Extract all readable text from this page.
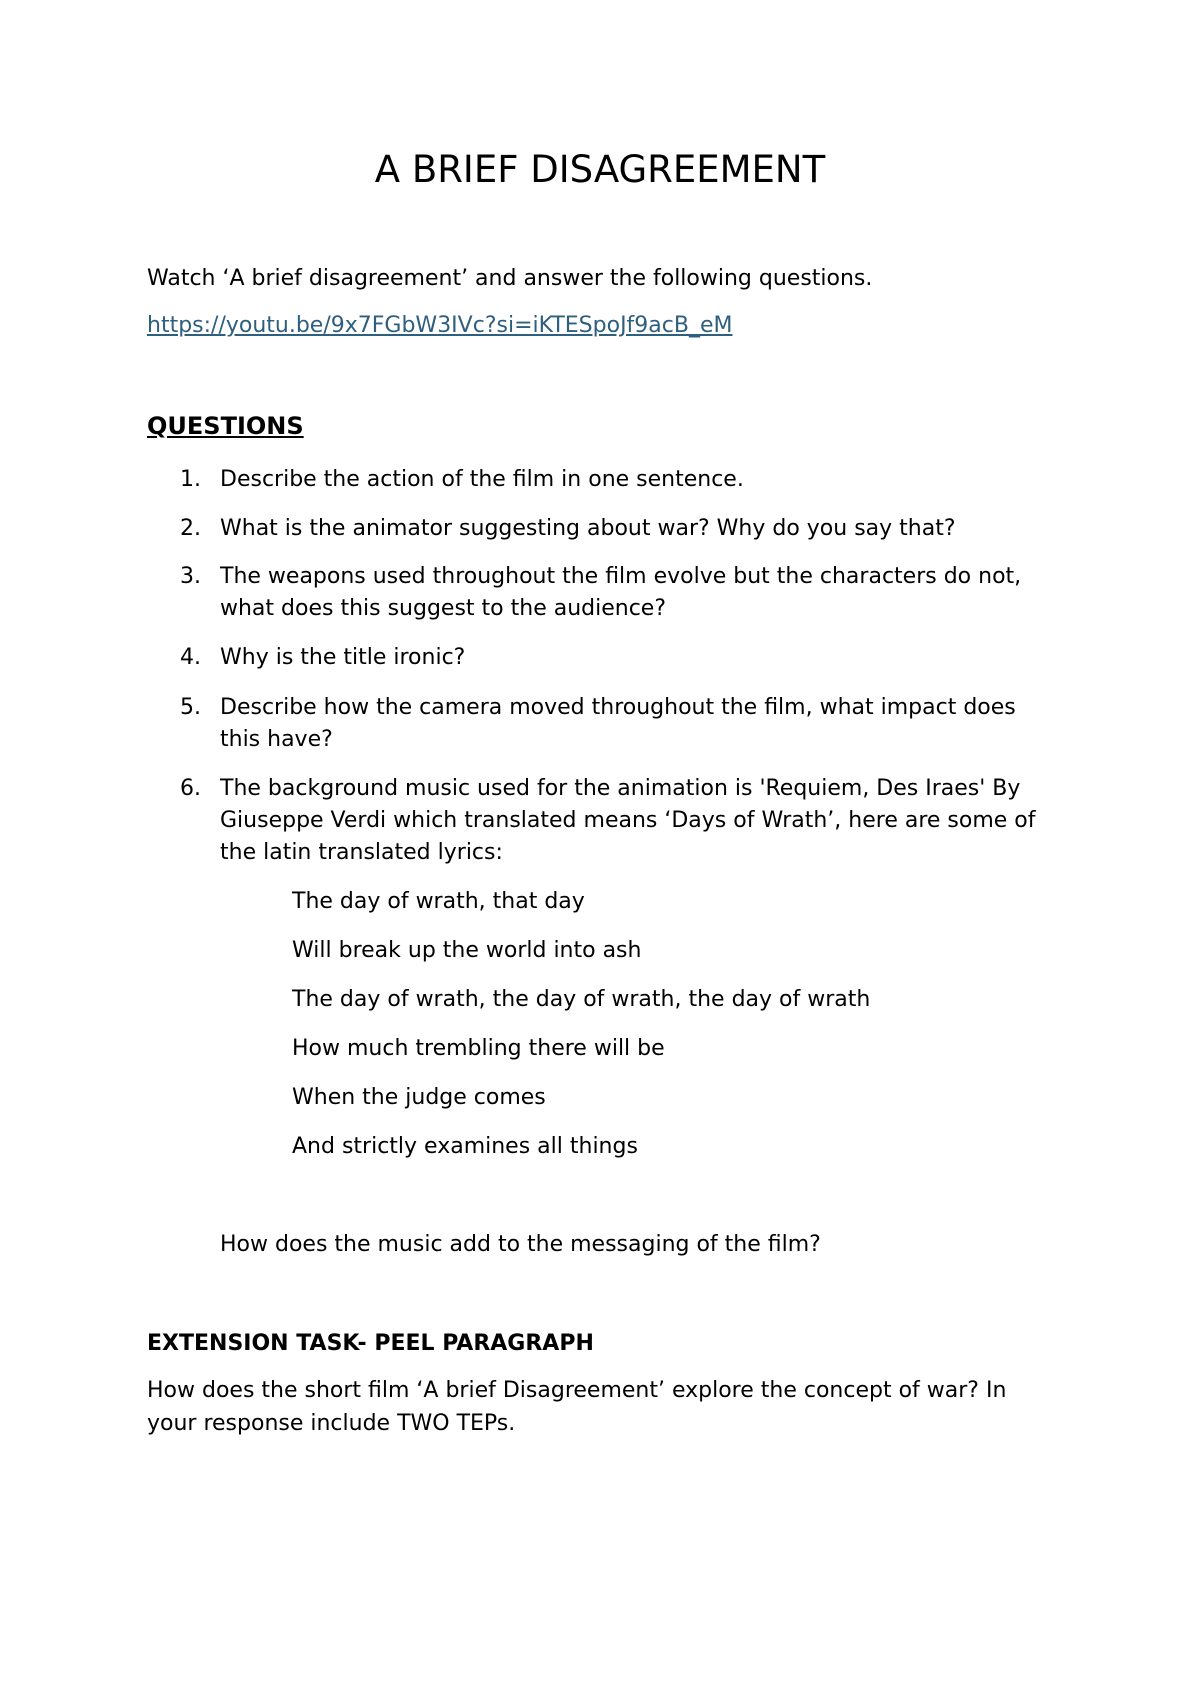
A BRIEF DISAGREEMENT

Watch ‘A brief disagreement’ and answer the following questions.

https://youtu.be/9x7FGbW3IVc?si=iKTESpoJf9acB_eM
QUESTIONS
1. Describe the action of the film in one sentence.
2. What is the animator suggesting about war? Why do you say that?
3. The weapons used throughout the film evolve but the characters do not, what does this suggest to the audience?
4. Why is the title ironic?
5. Describe how the camera moved throughout the film, what impact does this have?
6. The background music used for the animation is 'Requiem, Des Iraes' By Giuseppe Verdi which translated means ‘Days of Wrath’, here are some of the latin translated lyrics:
The day of wrath, that day
Will break up the world into ash
The day of wrath, the day of wrath, the day of wrath
How much trembling there will be
When the judge comes
And strictly examines all things
How does the music add to the messaging of the film?
EXTENSION TASK- PEEL PARAGRAPH

How does the short film ‘A brief Disagreement’ explore the concept of war? In your response include TWO TEPs.
